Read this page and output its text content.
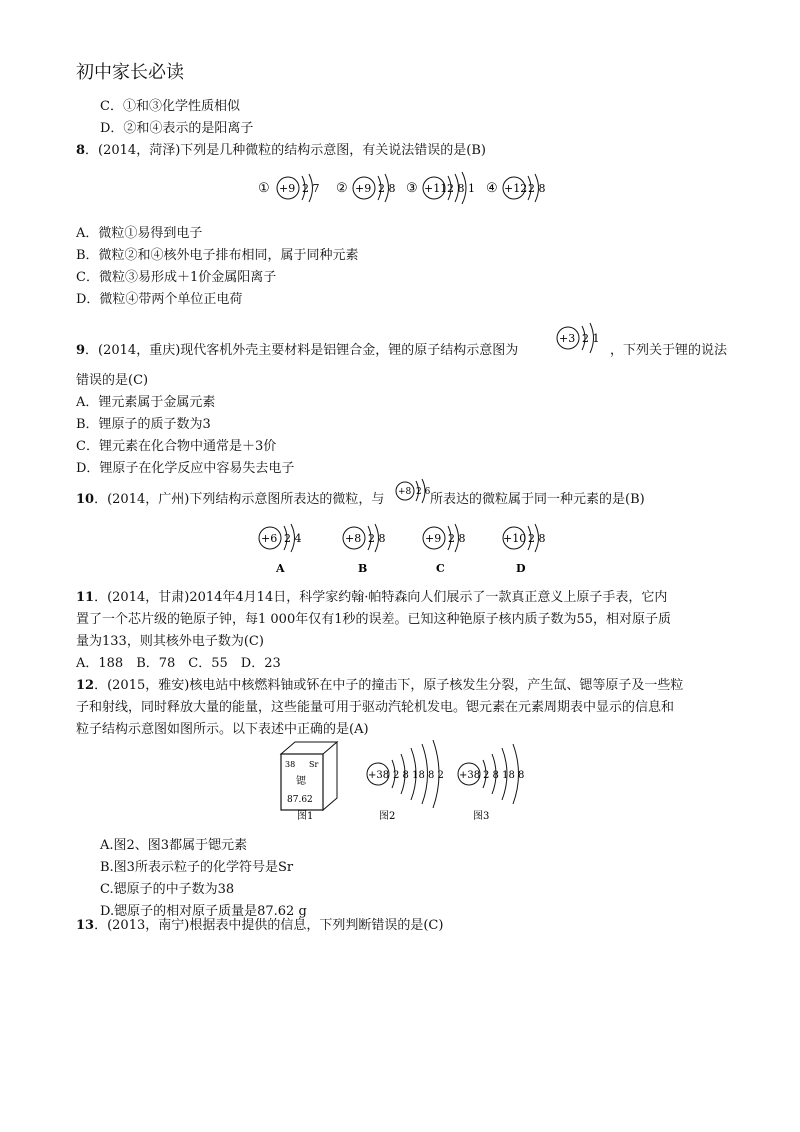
初中家长必读
C．①和③化学性质相似
D．②和④表示的是阳离子
8．(2014，菏泽)下列是几种微粒的结构示意图，有关说法错误的是(B)
① +9 2 7 ② +9 2 8 ③ +11 2 8 1 ④ +12 2 8
A．微粒①易得到电子
B．微粒②和④核外电子排布相同，属于同种元素
C．微粒③易形成＋1价金属阳离子
D．微粒④带两个单位正电荷
9．(2014，重庆)现代客机外壳主要材料是铝锂合金，锂的原子结构示意图为
+3 2 1
，下列关于锂的说法
错误的是(C)
A．锂元素属于金属元素
B．锂原子的质子数为3
C．锂元素在化合物中通常是＋3价
D．锂原子在化学反应中容易失去电子
10．(2014，广州)下列结构示意图所表达的微粒，与 +8 2 6 所表达的微粒属于同一种元素的是(B)
+6 2 4
A
+8 2 8
B
+9 2 8
C
+10 2 8
D
11．(2014，甘肃)2014年4月14日，科学家约翰·帕特森向人们展示了一款真正意义上原子手表，它内
置了一个芯片级的铯原子钟，每1 000年仅有1秒的误差。已知这种铯原子核内质子数为55，相对原子质
量为133，则其核外电子数为(C)
A．188　B．78　C．55　D．23
12．(2015，雅安)核电站中核燃料铀或钚在中子的撞击下，原子核发生分裂，产生氙、锶等原子及一些粒
子和射线，同时释放大量的能量，这些能量可用于驱动汽轮机发电。锶元素在元素周期表中显示的信息和
粒子结构示意图如图所示。以下表述中正确的是(A)
38 Sr
锶
87.62
图1
+38 2 8 18 8 2
图2
+38 2 8 18 8
图3
A.图2、图3都属于锶元素
B.图3所表示粒子的化学符号是Sr
C.锶原子的中子数为38
D.锶原子的相对原子质量是87.62 g
13．(2013，南宁)根据表中提供的信息，下列判断错误的是(C)
